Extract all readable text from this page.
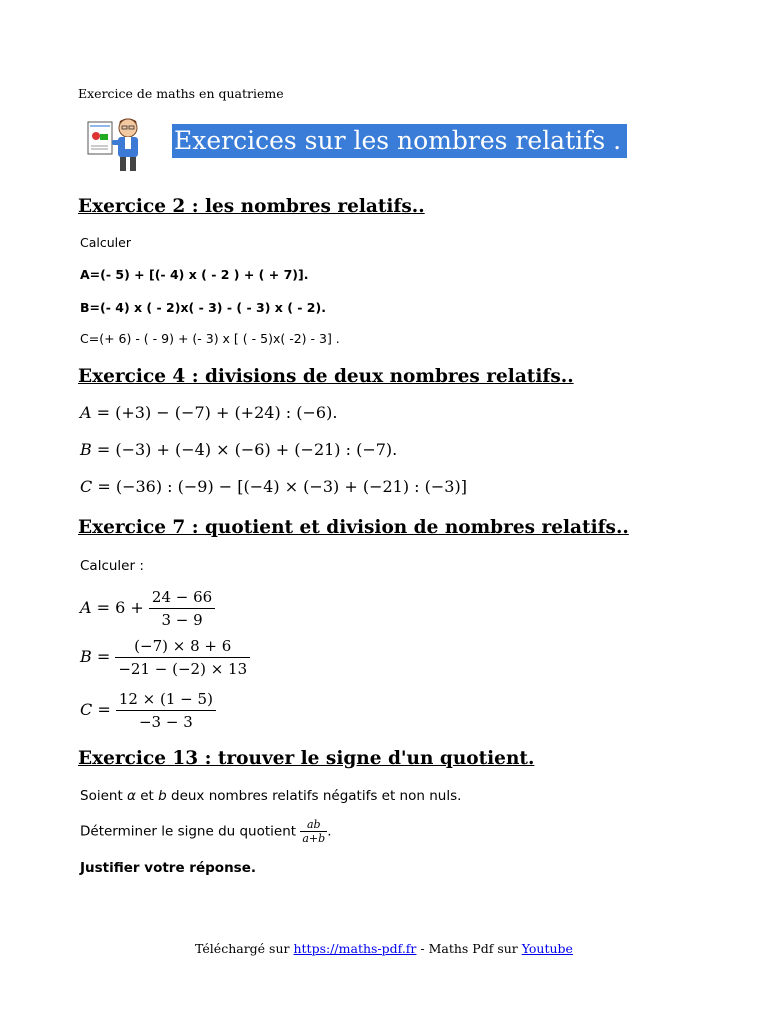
Exercice de maths en quatrieme
Exercices sur les nombres relatifs .
Exercice 2 : les nombres relatifs..
Calculer
A=(- 5) + [(- 4) x ( - 2 ) + ( + 7)].
B=(- 4) x ( - 2)x( - 3) - ( - 3) x ( - 2).
C=(+ 6) - ( - 9) + (- 3) x [ ( - 5)x( -2) - 3] .
Exercice 4 : divisions de deux nombres relatifs..
A = (+3) − (−7) + (+24) : (−6).
B = (−3) + (−4) × (−6) + (−21) : (−7).
C = (−36) : (−9) − [(−4) × (−3) + (−21) : (−3)]
Exercice 7 : quotient et division de nombres relatifs..
Calculer :
$A = 6 + \frac{24 - 66}{3 - 9}$
$B = \frac{(-7) \times 8 + 6}{-21 - (-2) \times 13}$
$C = \frac{12 \times (1 - 5)}{-3 - 3}$
Exercice 13 : trouver le signe d'un quotient.
Soient α et b deux nombres relatifs négatifs et non nuls.
Déterminer le signe du quotient $\frac{ab}{a+b}$ .
Justifier votre réponse.
Téléchargé sur https://maths-pdf.fr - Maths Pdf sur Youtube
